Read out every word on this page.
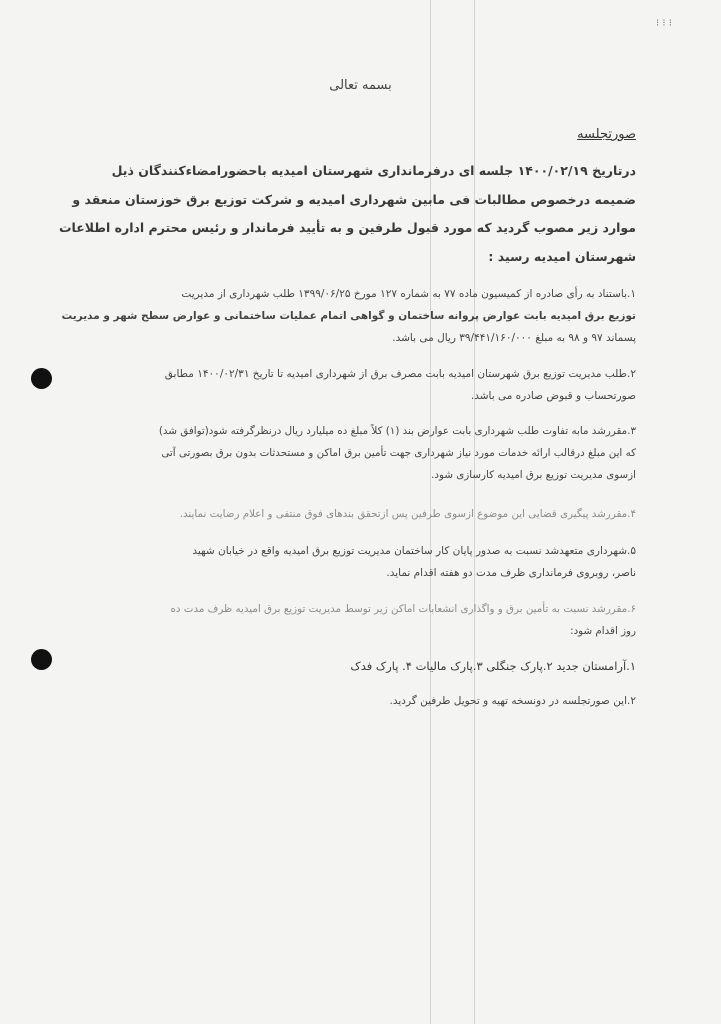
⁝ ⁝ ⁝
بسمه تعالی
صورتجلسه
درتاریخ ۱۴۰۰/۰۲/۱۹ جلسه ای درفرمانداری شهرستان امیدیه باحضورامضاءکنندگان ذیل
ضمیمه درخصوص مطالبات فی مابین شهرداری امیدیه و شرکت توزیع برق خوزستان منعقد و
موارد زیر مصوب گردید که مورد قبول طرفین و به تأیید فرماندار و رئیس محترم اداره اطلاعات
شهرستان امیدیه رسید :
۱.باستناد به رأی صادره از کمیسیون ماده ۷۷ به شماره ۱۲۷ مورخ ۱۳۹۹/۰۶/۲۵ طلب شهرداری از مدیریت
توزیع برق امیدیه بابت عوارض پروانه ساختمان و گواهی اتمام عملیات ساختمانی و عوارض سطح شهر و مدیریت
پسماند ۹۷ و ۹۸ به مبلغ ۳۹/۴۴۱/۱۶۰/۰۰۰ ریال می باشد.
۲.طلب مدیریت توزیع برق شهرستان امیدیه بابت مصرف برق از شهرداری امیدیه تا تاریخ ۱۴۰۰/۰۲/۳۱ مطابق
صورتحساب و قبوض صادره می باشد.
۳.مقررشد مابه تفاوت طلب شهرداری بابت عوارض بند (۱) کلاً مبلغ ده میلیارد ریال درنظرگرفته شود(توافق شد)
که این مبلغ درقالب ارائه خدمات مورد نیاز شهرداری جهت تأمین برق اماکن و مستحدثات بدون برق بصورتی آتی
ازسوی مدیریت توزیع برق امیدیه کارسازی شود.
۴.مقررشد پیگیری قضایی این موضوع ازسوی طرفین پس ازتحقق بندهای فوق منتفی و اعلام رضایت نمایند.
۵.شهرداری متعهدشد نسبت به صدور پایان کار ساختمان مدیریت توزیع برق امیدیه واقع در خیابان شهید
ناصر، روبروی فرمانداری ظرف مدت دو هفته اقدام نماید.
۶.مقررشد نسبت به تأمین برق و واگذاری انشعابات اماکن زیر توسط مدیریت توزیع برق امیدیه ظرف مدت ده
روز اقدام شود:
۱.آرامستان جدید ۲.پارک جنگلی ۳.پارک مالیات ۴. پارک فدک
۲.این صورتجلسه در دونسخه تهیه و تحویل طرفین گردید.
